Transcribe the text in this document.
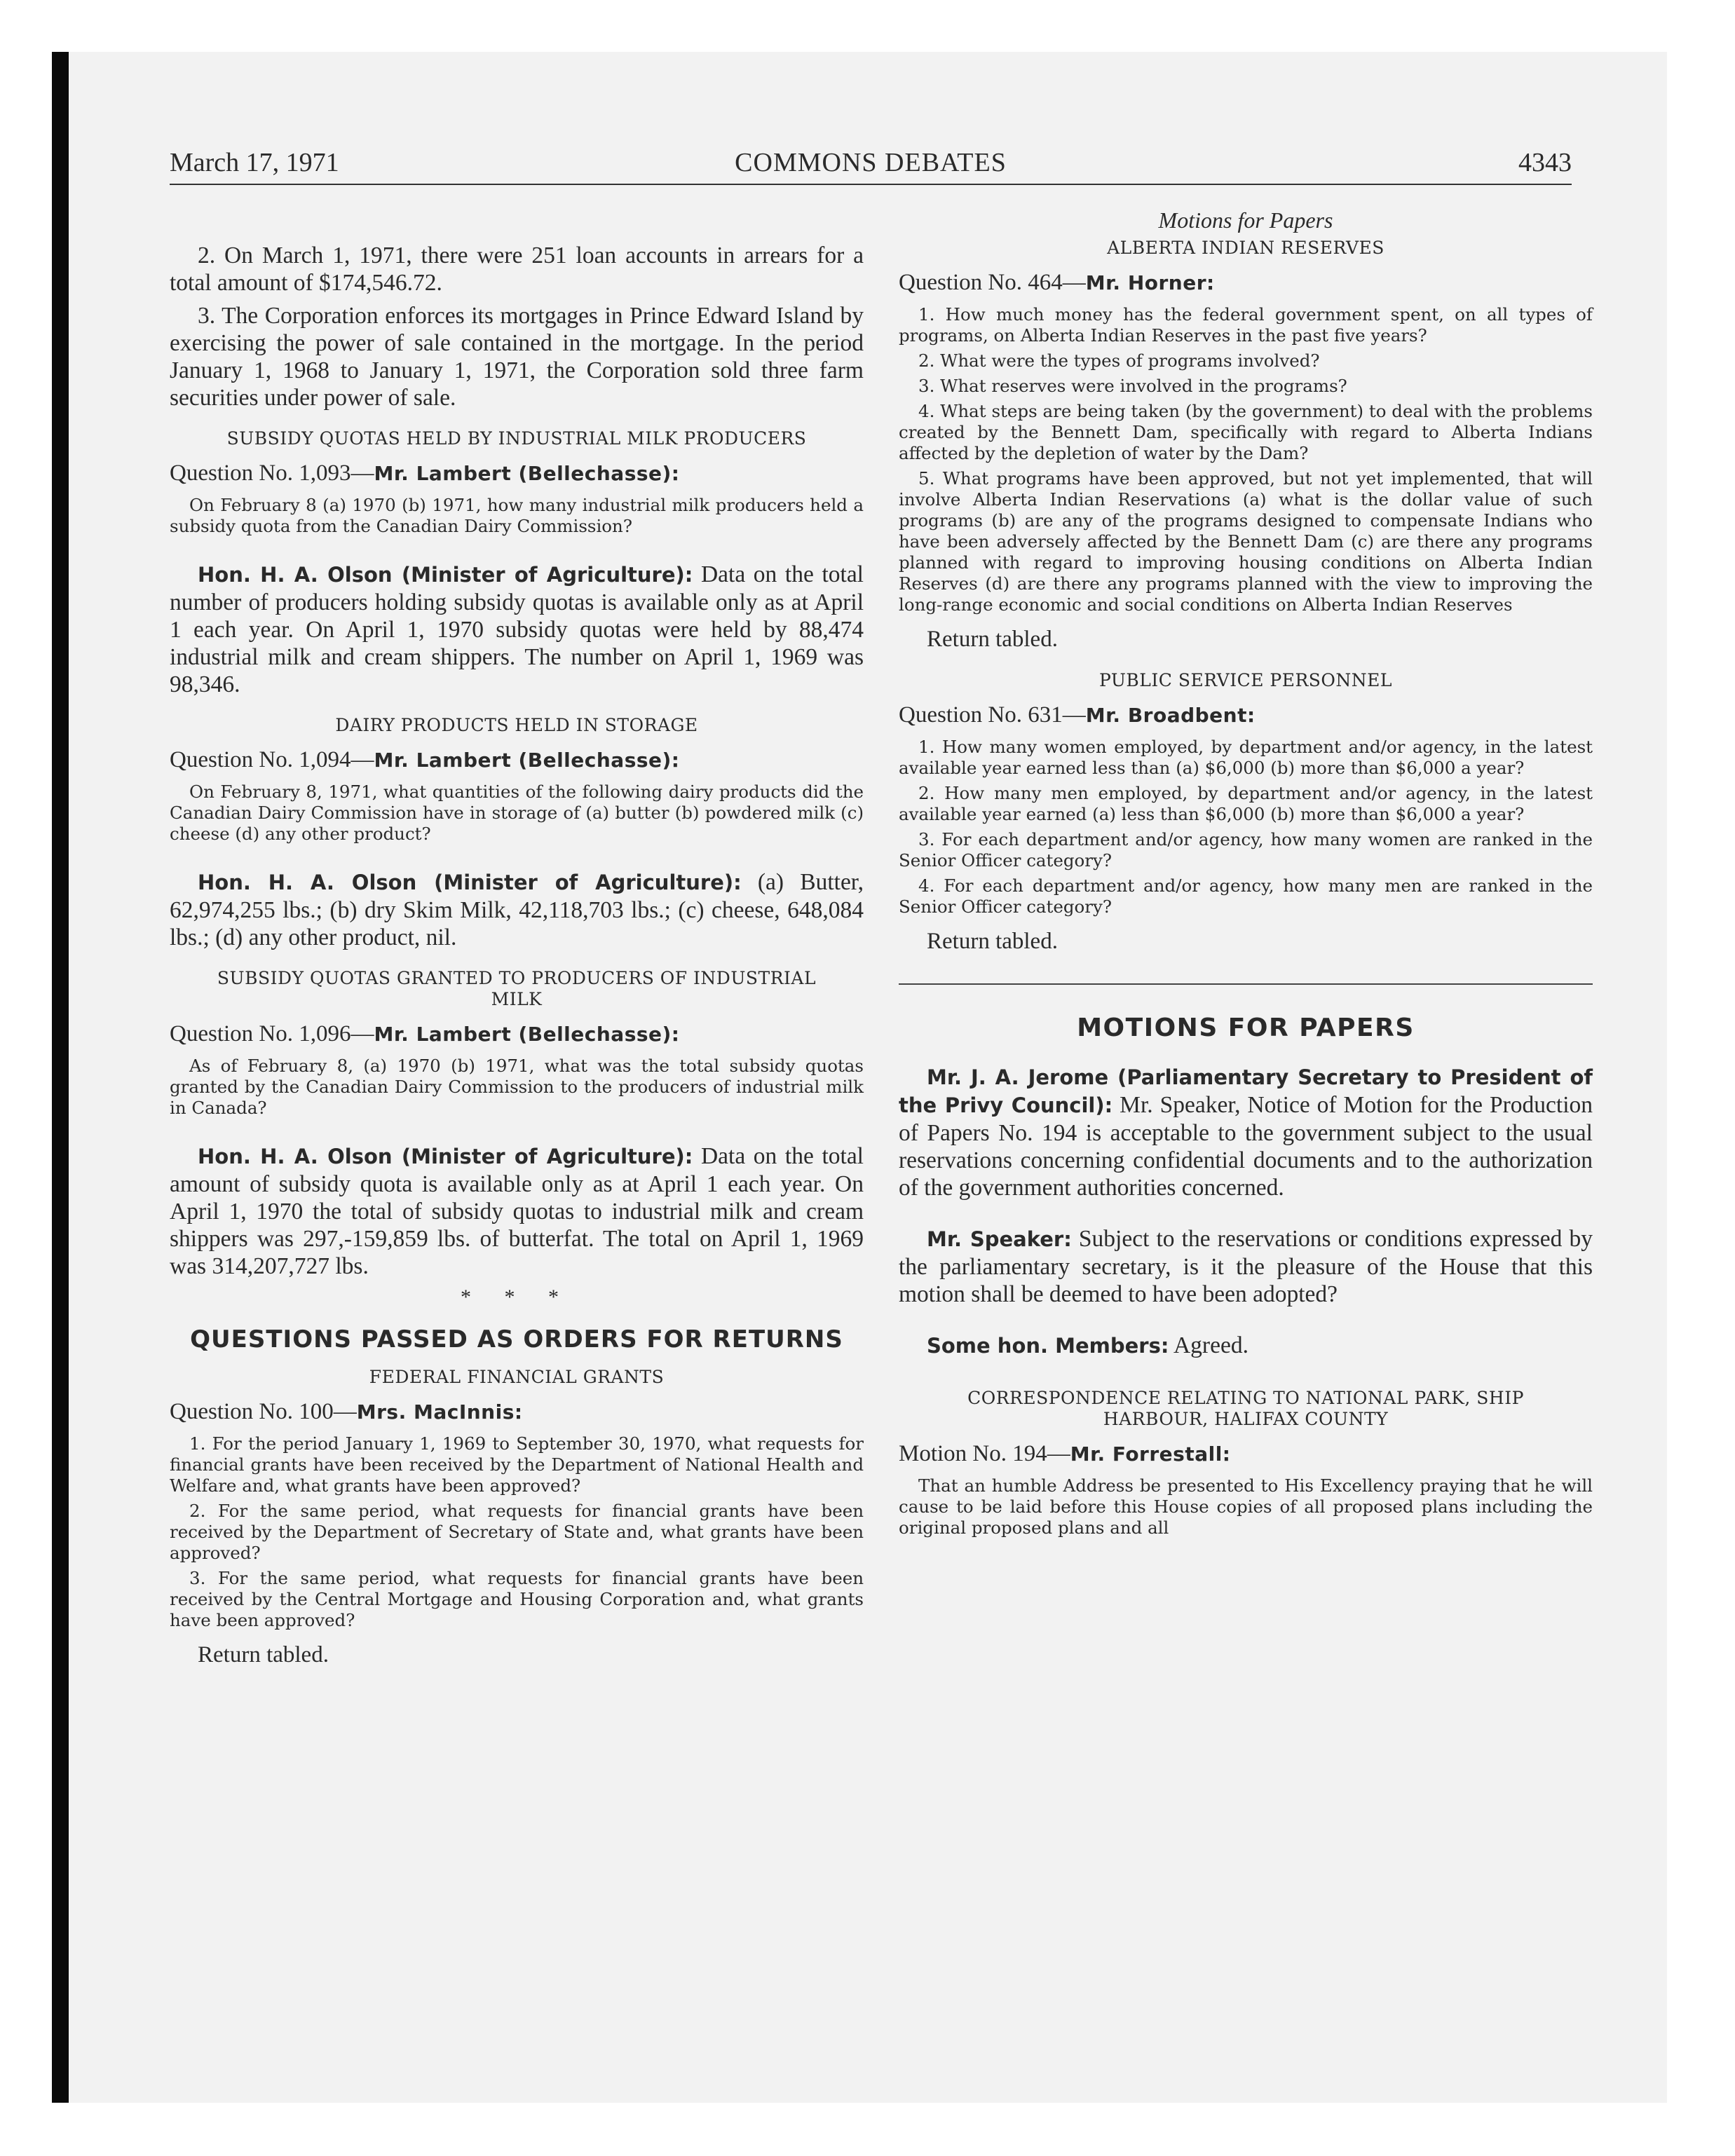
March 17, 1971	COMMONS DEBATES	4343

2. On March 1, 1971, there were 251 loan accounts in arrears for a total amount of $174,546.72.

3. The Corporation enforces its mortgages in Prince Edward Island by exercising the power of sale contained in the mortgage. In the period January 1, 1968 to January 1, 1971, the Corporation sold three farm securities under power of sale.

SUBSIDY QUOTAS HELD BY INDUSTRIAL MILK PRODUCERS
Question No. 1,093—Mr. Lambert (Bellechasse):

On February 8 (a) 1970 (b) 1971, how many industrial milk producers held a subsidy quota from the Canadian Dairy Commission?

Hon. H. A. Olson (Minister of Agriculture): Data on the total number of producers holding subsidy quotas is available only as at April 1 each year. On April 1, 1970 subsidy quotas were held by 88,474 industrial milk and cream shippers. The number on April 1, 1969 was 98,346.

DAIRY PRODUCTS HELD IN STORAGE
Question No. 1,094—Mr. Lambert (Bellechasse):

On February 8, 1971, what quantities of the following dairy products did the Canadian Dairy Commission have in storage of (a) butter (b) powdered milk (c) cheese (d) any other product?

Hon. H. A. Olson (Minister of Agriculture): (a) Butter, 62,974,255 lbs.; (b) dry Skim Milk, 42,118,703 lbs.; (c) cheese, 648,084 lbs.; (d) any other product, nil.

SUBSIDY QUOTAS GRANTED TO PRODUCERS OF INDUSTRIAL MILK
Question No. 1,096—Mr. Lambert (Bellechasse):

As of February 8, (a) 1970 (b) 1971, what was the total subsidy quotas granted by the Canadian Dairy Commission to the producers of industrial milk in Canada?

Hon. H. A. Olson (Minister of Agriculture): Data on the total amount of subsidy quota is available only as at April 1 each year. On April 1, 1970 the total of subsidy quotas to industrial milk and cream shippers was 297,-159,859 lbs. of butterfat. The total on April 1, 1969 was 314,207,727 lbs.

* * *
QUESTIONS PASSED AS ORDERS FOR RETURNS
FEDERAL FINANCIAL GRANTS
Question No. 100—Mrs. MacInnis:

1. For the period January 1, 1969 to September 30, 1970, what requests for financial grants have been received by the Department of National Health and Welfare and, what grants have been approved?

2. For the same period, what requests for financial grants have been received by the Department of Secretary of State and, what grants have been approved?

3. For the same period, what requests for financial grants have been received by the Central Mortgage and Housing Corporation and, what grants have been approved?

Return tabled.
Motions for Papers
ALBERTA INDIAN RESERVES
Question No. 464—Mr. Horner:

1. How much money has the federal government spent, on all types of programs, on Alberta Indian Reserves in the past five years?

2. What were the types of programs involved?

3. What reserves were involved in the programs?

4. What steps are being taken (by the government) to deal with the problems created by the Bennett Dam, specifically with regard to Alberta Indians affected by the depletion of water by the Dam?

5. What programs have been approved, but not yet implemented, that will involve Alberta Indian Reservations (a) what is the dollar value of such programs (b) are any of the programs designed to compensate Indians who have been adversely affected by the Bennett Dam (c) are there any programs planned with regard to improving housing conditions on Alberta Indian Reserves (d) are there any programs planned with the view to improving the long-range economic and social conditions on Alberta Indian Reserves

Return tabled.
PUBLIC SERVICE PERSONNEL
Question No. 631—Mr. Broadbent:

1. How many women employed, by department and/or agency, in the latest available year earned less than (a) $6,000 (b) more than $6,000 a year?

2. How many men employed, by department and/or agency, in the latest available year earned (a) less than $6,000 (b) more than $6,000 a year?

3. For each department and/or agency, how many women are ranked in the Senior Officer category?

4. For each department and/or agency, how many men are ranked in the Senior Officer category?

Return tabled.
MOTIONS FOR PAPERS

Mr. J. A. Jerome (Parliamentary Secretary to President of the Privy Council): Mr. Speaker, Notice of Motion for the Production of Papers No. 194 is acceptable to the government subject to the usual reservations concerning confidential documents and to the authorization of the government authorities concerned.

Mr. Speaker: Subject to the reservations or conditions expressed by the parliamentary secretary, is it the pleasure of the House that this motion shall be deemed to have been adopted?

Some hon. Members: Agreed.

CORRESPONDENCE RELATING TO NATIONAL PARK, SHIP HARBOUR, HALIFAX COUNTY
Motion No. 194—Mr. Forrestall:

That an humble Address be presented to His Excellency praying that he will cause to be laid before this House copies of all proposed plans including the original proposed plans and all
